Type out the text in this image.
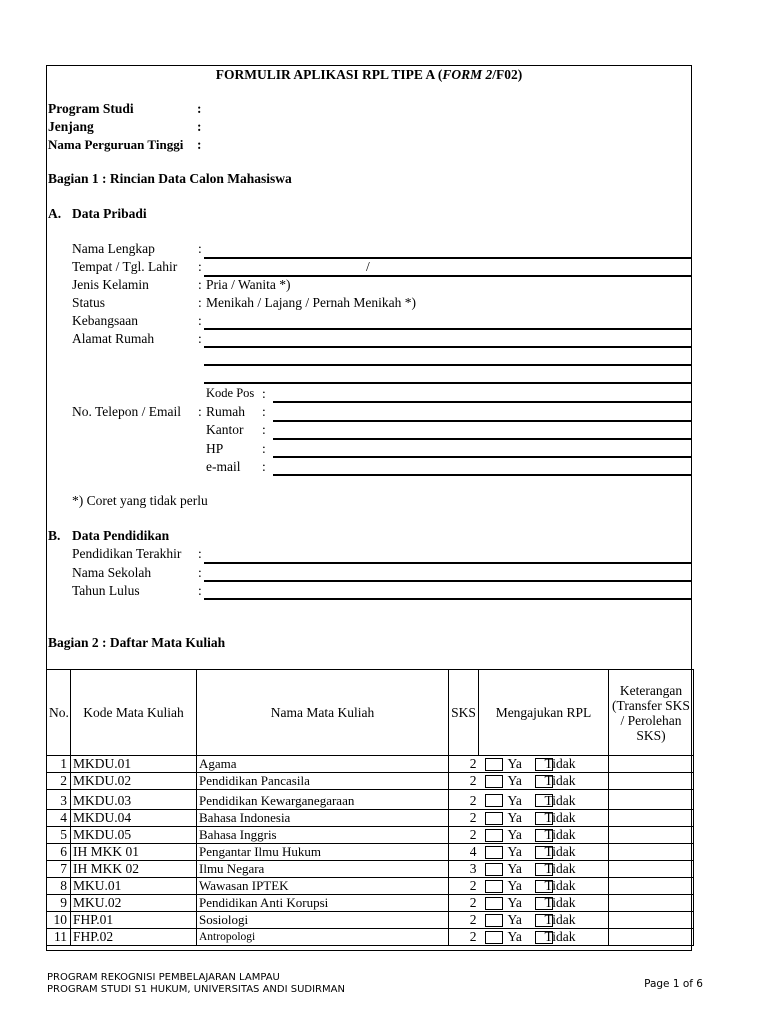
FORMULIR APLIKASI RPL TIPE A (FORM 2/F02)
Program Studi	:
Jenjang	:
Nama Perguruan Tinggi :
Bagian 1 : Rincian Data Calon Mahasiswa
A. Data Pribadi
Nama Lengkap	:
Tempat / Tgl. Lahir :	/
Jenis Kelamin	: Pria / Wanita *)
Status	: Menikah / Lajang / Pernah Menikah *)
Kebangsaan	:
Alamat Rumah	:
Kode Pos :
No. Telepon / Email : Rumah :
Kantor :
HP	:
e-mail :
*) Coret yang tidak perlu
B. Data Pendidikan
Pendidikan Terakhir :
Nama Sekolah	:
Tahun Lulus	:
Bagian 2 : Daftar Mata Kuliah
No.	Kode Mata Kuliah	Nama Mata Kuliah	SKS	Mengajukan RPL	Keterangan (Transfer SKS / Perolehan SKS)
1	MKDU.01	Agama	2	Ya Tidak	

2	MKDU.02	Pendidikan Pancasila	2	Ya Tidak	

3	MKDU.03	Pendidikan Kewarganegaraan	2	Ya Tidak	

4	MKDU.04	Bahasa Indonesia	2	Ya Tidak	

5	MKDU.05	Bahasa Inggris	2	Ya Tidak	

6	IH MKK 01	Pengantar Ilmu Hukum	4	Ya Tidak	

7	IH MKK 02	Ilmu Negara	3	Ya Tidak	

8	MKU.01	Wawasan IPTEK	2	Ya Tidak	

9	MKU.02	Pendidikan Anti Korupsi	2	Ya Tidak	

10	FHP.01	Sosiologi	2	Ya Tidak	

11	FHP.02	Antropologi	2	Ya Tidak	

PROGRAM REKOGNISI PEMBELAJARAN LAMPAU
PROGRAM STUDI S1 HUKUM, UNIVERSITAS ANDI SUDIRMAN	Page 1 of 6
